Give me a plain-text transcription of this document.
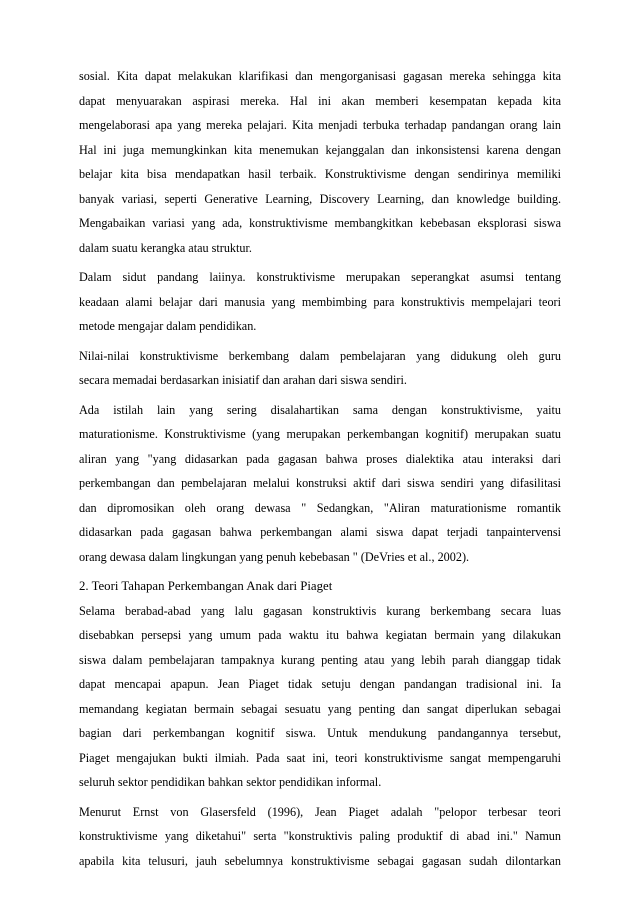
sosial. Kita dapat melakukan klarifikasi dan mengorganisasi gagasan mereka sehingga kita
dapat menyuarakan aspirasi mereka. Hal ini akan memberi kesempatan kepada kita
mengelaborasi apa yang mereka pelajari. Kita menjadi terbuka terhadap pandangan orang lain
Hal ini juga memungkinkan kita menemukan kejanggalan dan inkonsistensi karena dengan
belajar kita bisa mendapatkan hasil terbaik. Konstruktivisme dengan sendirinya memiliki
banyak variasi, seperti Generative Learning, Discovery Learning, dan knowledge building.
Mengabaikan variasi yang ada, konstruktivisme membangkitkan kebebasan eksplorasi siswa
dalam suatu kerangka atau struktur.
Dalam sidut pandang laiinya. konstruktivisme merupakan seperangkat asumsi tentang
keadaan alami belajar dari manusia yang membimbing para konstruktivis mempelajari teori
metode mengajar dalam pendidikan.
Nilai-nilai konstruktivisme berkembang dalam pembelajaran yang didukung oleh guru
secara memadai berdasarkan inisiatif dan arahan dari siswa sendiri.
Ada istilah lain yang sering disalahartikan sama dengan konstruktivisme, yaitu
maturationisme. Konstruktivisme (yang merupakan perkembangan kognitif) merupakan suatu
aliran yang "yang didasarkan pada gagasan bahwa proses dialektika atau interaksi dari
perkembangan dan pembelajaran melalui konstruksi aktif dari siswa sendiri yang difasilitasi
dan dipromosikan oleh orang dewasa " Sedangkan, "Aliran maturationisme romantik
didasarkan pada gagasan bahwa perkembangan alami siswa dapat terjadi tanpaintervensi
orang dewasa dalam lingkungan yang penuh kebebasan " (DeVries et al., 2002).
2. Teori Tahapan Perkembangan Anak dari Piaget
Selama berabad-abad yang lalu gagasan konstruktivis kurang berkembang secara luas
disebabkan persepsi yang umum pada waktu itu bahwa kegiatan bermain yang dilakukan
siswa dalam pembelajaran tampaknya kurang penting atau yang lebih parah dianggap tidak
dapat mencapai apapun. Jean Piaget tidak setuju dengan pandangan tradisional ini. Ia
memandang kegiatan bermain sebagai sesuatu yang penting dan sangat diperlukan sebagai
bagian dari perkembangan kognitif siswa. Untuk mendukung pandangannya tersebut,
Piaget mengajukan bukti ilmiah. Pada saat ini, teori konstruktivisme sangat mempengaruhi
seluruh sektor pendidikan bahkan sektor pendidikan informal.
Menurut Ernst von Glasersfeld (1996), Jean Piaget adalah "pelopor terbesar teori
konstruktivisme yang diketahui" serta "konstruktivis paling produktif di abad ini." Namun
apabila kita telusuri, jauh sebelumnya konstruktivisme sebagai gagasan sudah dilontarkan
